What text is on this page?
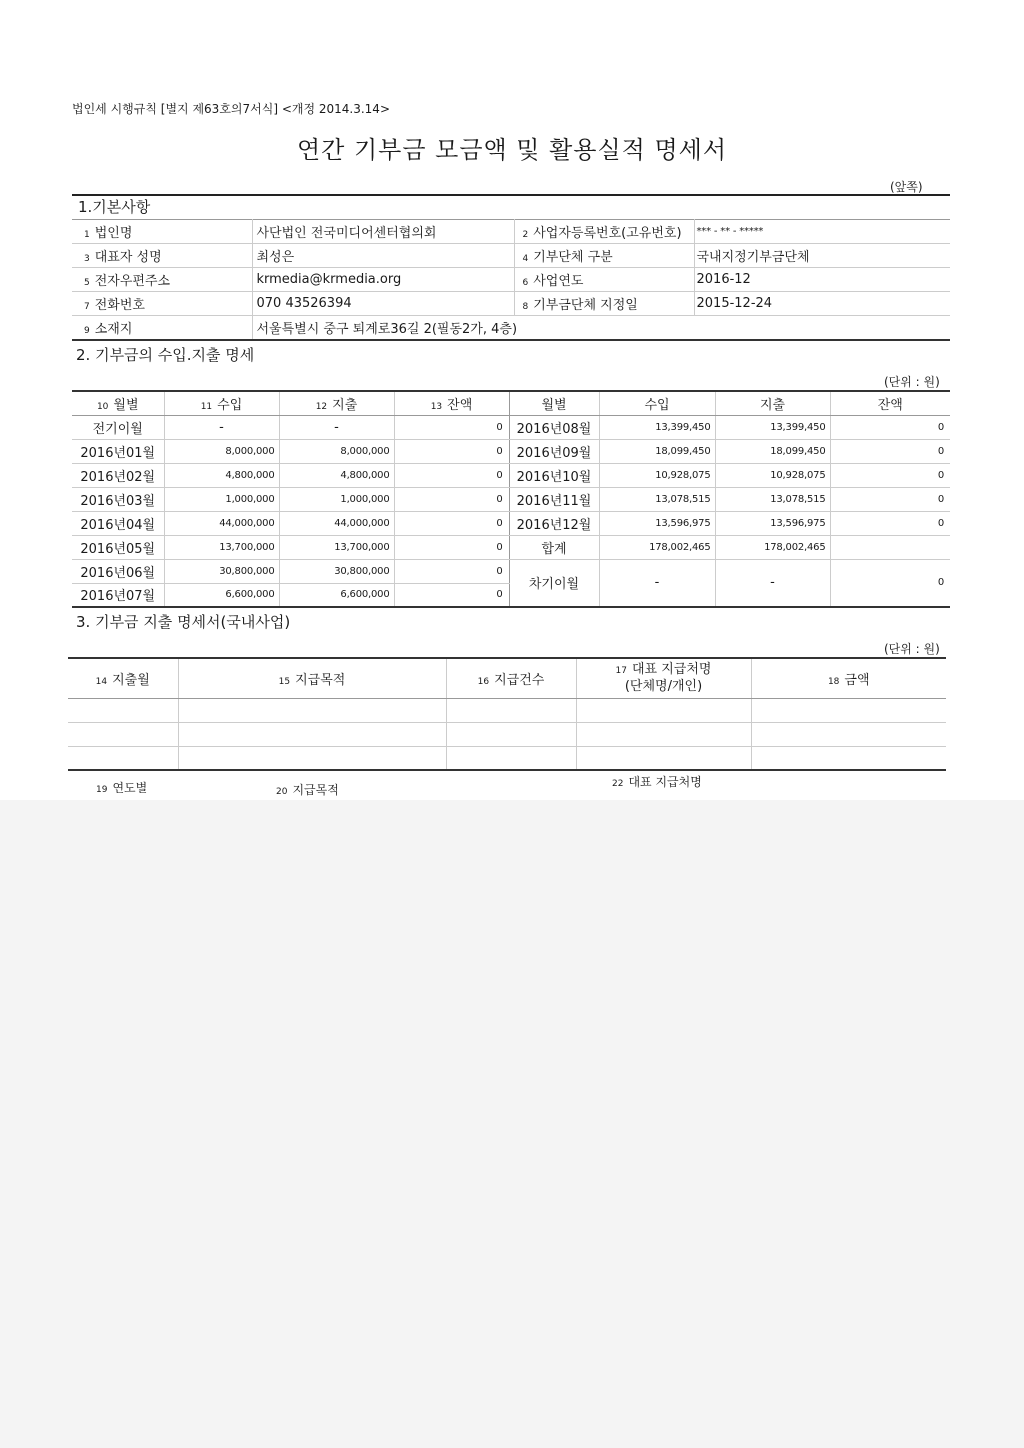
법인세 시행규칙 [별지 제63호의7서식] <개정 2014.3.14>
연간 기부금 모금액 및 활용실적 명세서
(앞쪽)
1.기본사항
1 법인명	사단법인 전국미디어센터협의회	2 사업자등록번호(고유번호)	*** - ** - *****
3 대표자 성명	최성은	4 기부단체 구분	국내지정기부금단체
5 전자우편주소	krmedia@krmedia.org	6 사업연도	2016-12
7 전화번호	070 43526394	8 기부금단체 지정일	2015-12-24
9 소재지	서울특별시 중구 퇴계로36길 2(필동2가, 4층)		
2. 기부금의 수입.지출 명세
(단위 : 원)
10 월별	11 수입	12 지출	13 잔액	월별	수입	지출	잔액
전기이월	-	-	0	2016년08월	13,399,450	13,399,450	0
2016년01월	8,000,000	8,000,000	0	2016년09월	18,099,450	18,099,450	0
2016년02월	4,800,000	4,800,000	0	2016년10월	10,928,075	10,928,075	0
2016년03월	1,000,000	1,000,000	0	2016년11월	13,078,515	13,078,515	0
2016년04월	44,000,000	44,000,000	0	2016년12월	13,596,975	13,596,975	0
2016년05월	13,700,000	13,700,000	0	합계	178,002,465	178,002,465	
2016년06월	30,800,000	30,800,000	0	차기이월	-	-	0
2016년07월	6,600,000	6,600,000	0				
3. 기부금 지출 명세서(국내사업)
(단위 : 원)
14 지출월	15 지급목적	16 지급건수	17 대표 지급처명
(단체명/개인)	18 금액

19 연도별	20 지급목적	22 대표 지급처명
